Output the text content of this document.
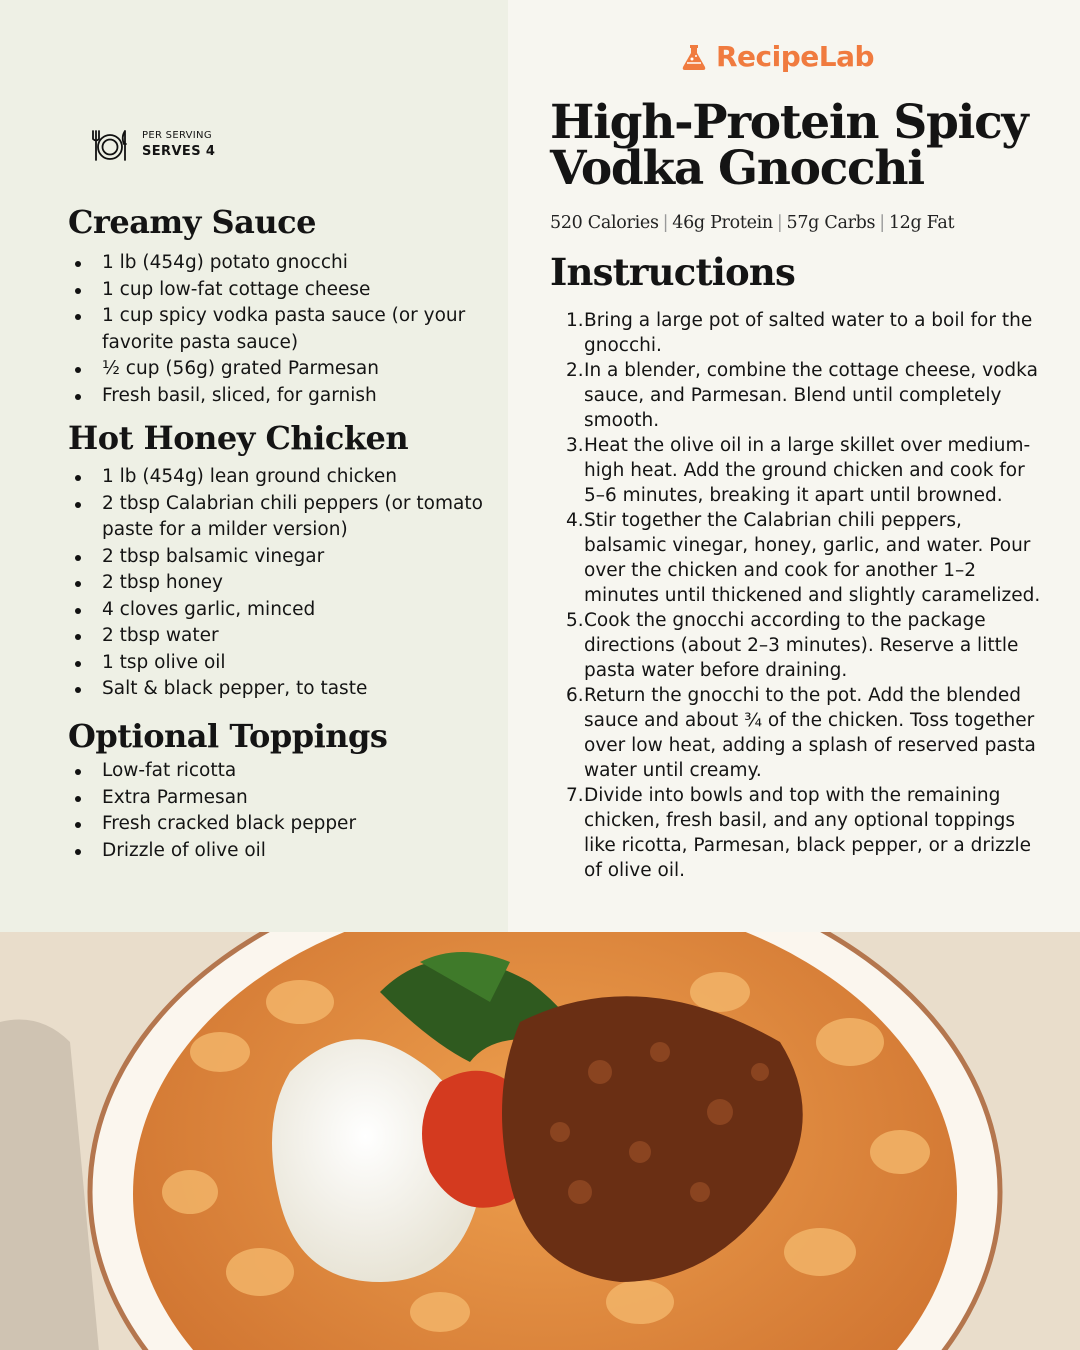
PER SERVING
SERVES 4
Creamy Sauce
1 lb (454g) potato gnocchi
1 cup low-fat cottage cheese
1 cup spicy vodka pasta sauce (or your favorite pasta sauce)
½ cup (56g) grated Parmesan
Fresh basil, sliced, for garnish
Hot Honey Chicken
1 lb (454g) lean ground chicken
2 tbsp Calabrian chili peppers (or tomato paste for a milder version)
2 tbsp balsamic vinegar
2 tbsp honey
4 cloves garlic, minced
2 tbsp water
1 tsp olive oil
Salt & black pepper, to taste
Optional Toppings
Low-fat ricotta
Extra Parmesan
Fresh cracked black pepper
Drizzle of olive oil
RecipeLab
High-Protein Spicy Vodka Gnocchi
520 Calories | 46g Protein | 57g Carbs | 12g Fat
Instructions
1. Bring a large pot of salted water to a boil for the gnocchi.
2. In a blender, combine the cottage cheese, vodka sauce, and Parmesan. Blend until completely smooth.
3. Heat the olive oil in a large skillet over medium-high heat. Add the ground chicken and cook for 5–6 minutes, breaking it apart until browned.
4. Stir together the Calabrian chili peppers, balsamic vinegar, honey, garlic, and water. Pour over the chicken and cook for another 1–2 minutes until thickened and slightly caramelized.
5. Cook the gnocchi according to the package directions (about 2–3 minutes). Reserve a little pasta water before draining.
6. Return the gnocchi to the pot. Add the blended sauce and about ¾ of the chicken. Toss together over low heat, adding a splash of reserved pasta water until creamy.
7. Divide into bowls and top with the remaining chicken, fresh basil, and any optional toppings like ricotta, Parmesan, black pepper, or a drizzle of olive oil.
